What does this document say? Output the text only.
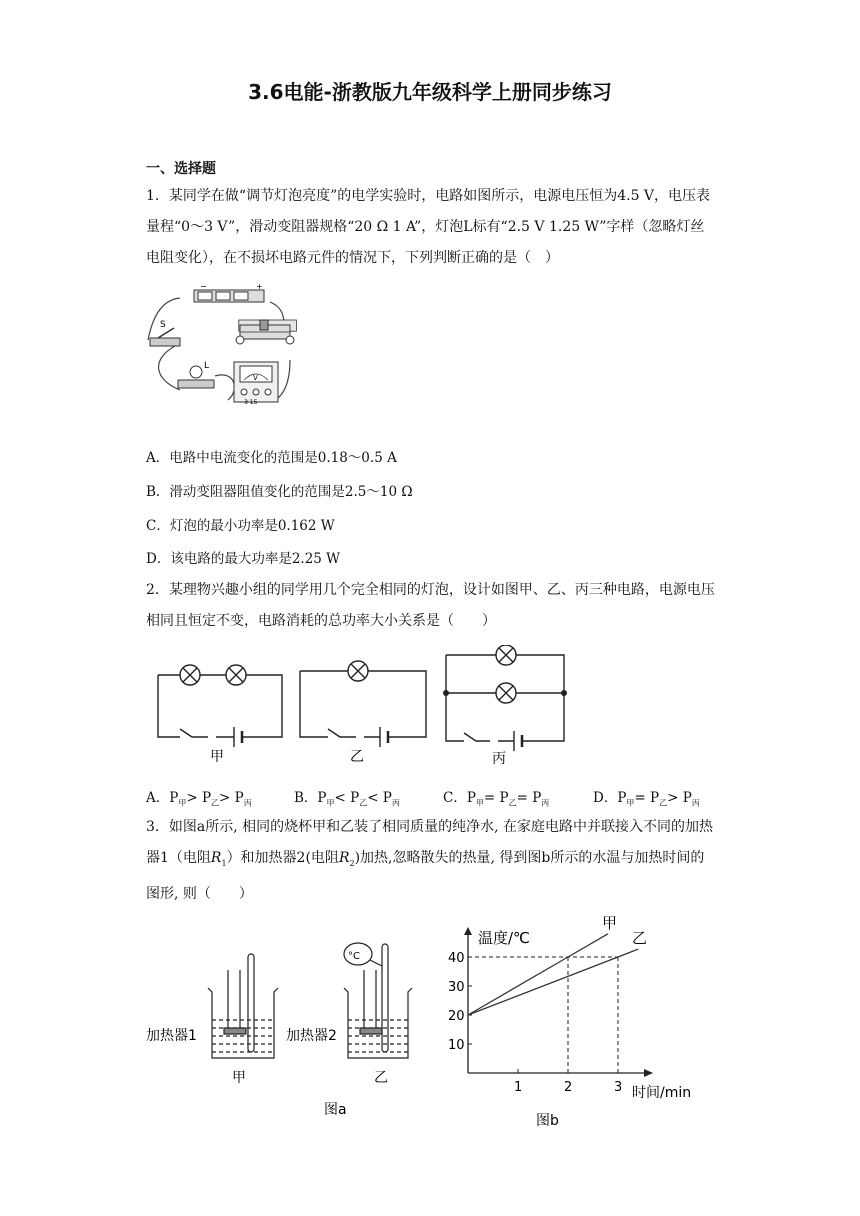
3.6电能-浙教版九年级科学上册同步练习
一、选择题
1．某同学在做“调节灯泡亮度”的电学实验时，电路如图所示，电源电压恒为4.5 V，电压表量程“0～3 V”，滑动变阻器规格“20 Ω 1 A”，灯泡L标有“2.5 V 1.25 W”字样（忽略灯丝电阻变化），在不损坏电路元件的情况下，下列判断正确的是（　）
−	+
S
L
V
- 3 15
A．电路中电流变化的范围是0.18～0.5 A
B．滑动变阻器阻值变化的范围是2.5～10 Ω
C．灯泡的最小功率是0.162 W
D．该电路的最大功率是2.25 W
2．某理物兴趣小组的同学用几个完全相同的灯泡，设计如图甲、乙、丙三种电路，电源电压相同且恒定不变，电路消耗的总功率大小关系是（　　）
甲	乙	丙
A．$P_甲> P_乙> P_丙$	B．$P_甲< P_乙< P_丙$	C．$P_甲= P_乙= P_丙$	D．$P_甲= P_乙> P_丙$
3．如图a所示, 相同的烧杯甲和乙装了相同质量的纯净水, 在家庭电路中并联接入不同的加热器1（电阻$R_1$）和加热器2(电阻$R_2$)加热,忽略散失的热量, 得到图b所示的水温与加热时间的图形, 则（　　）
加热器1
甲
°C
加热器2
乙
图a
10
20
30
40
1	2	3
甲
乙
温度/℃
时间/min
图b
